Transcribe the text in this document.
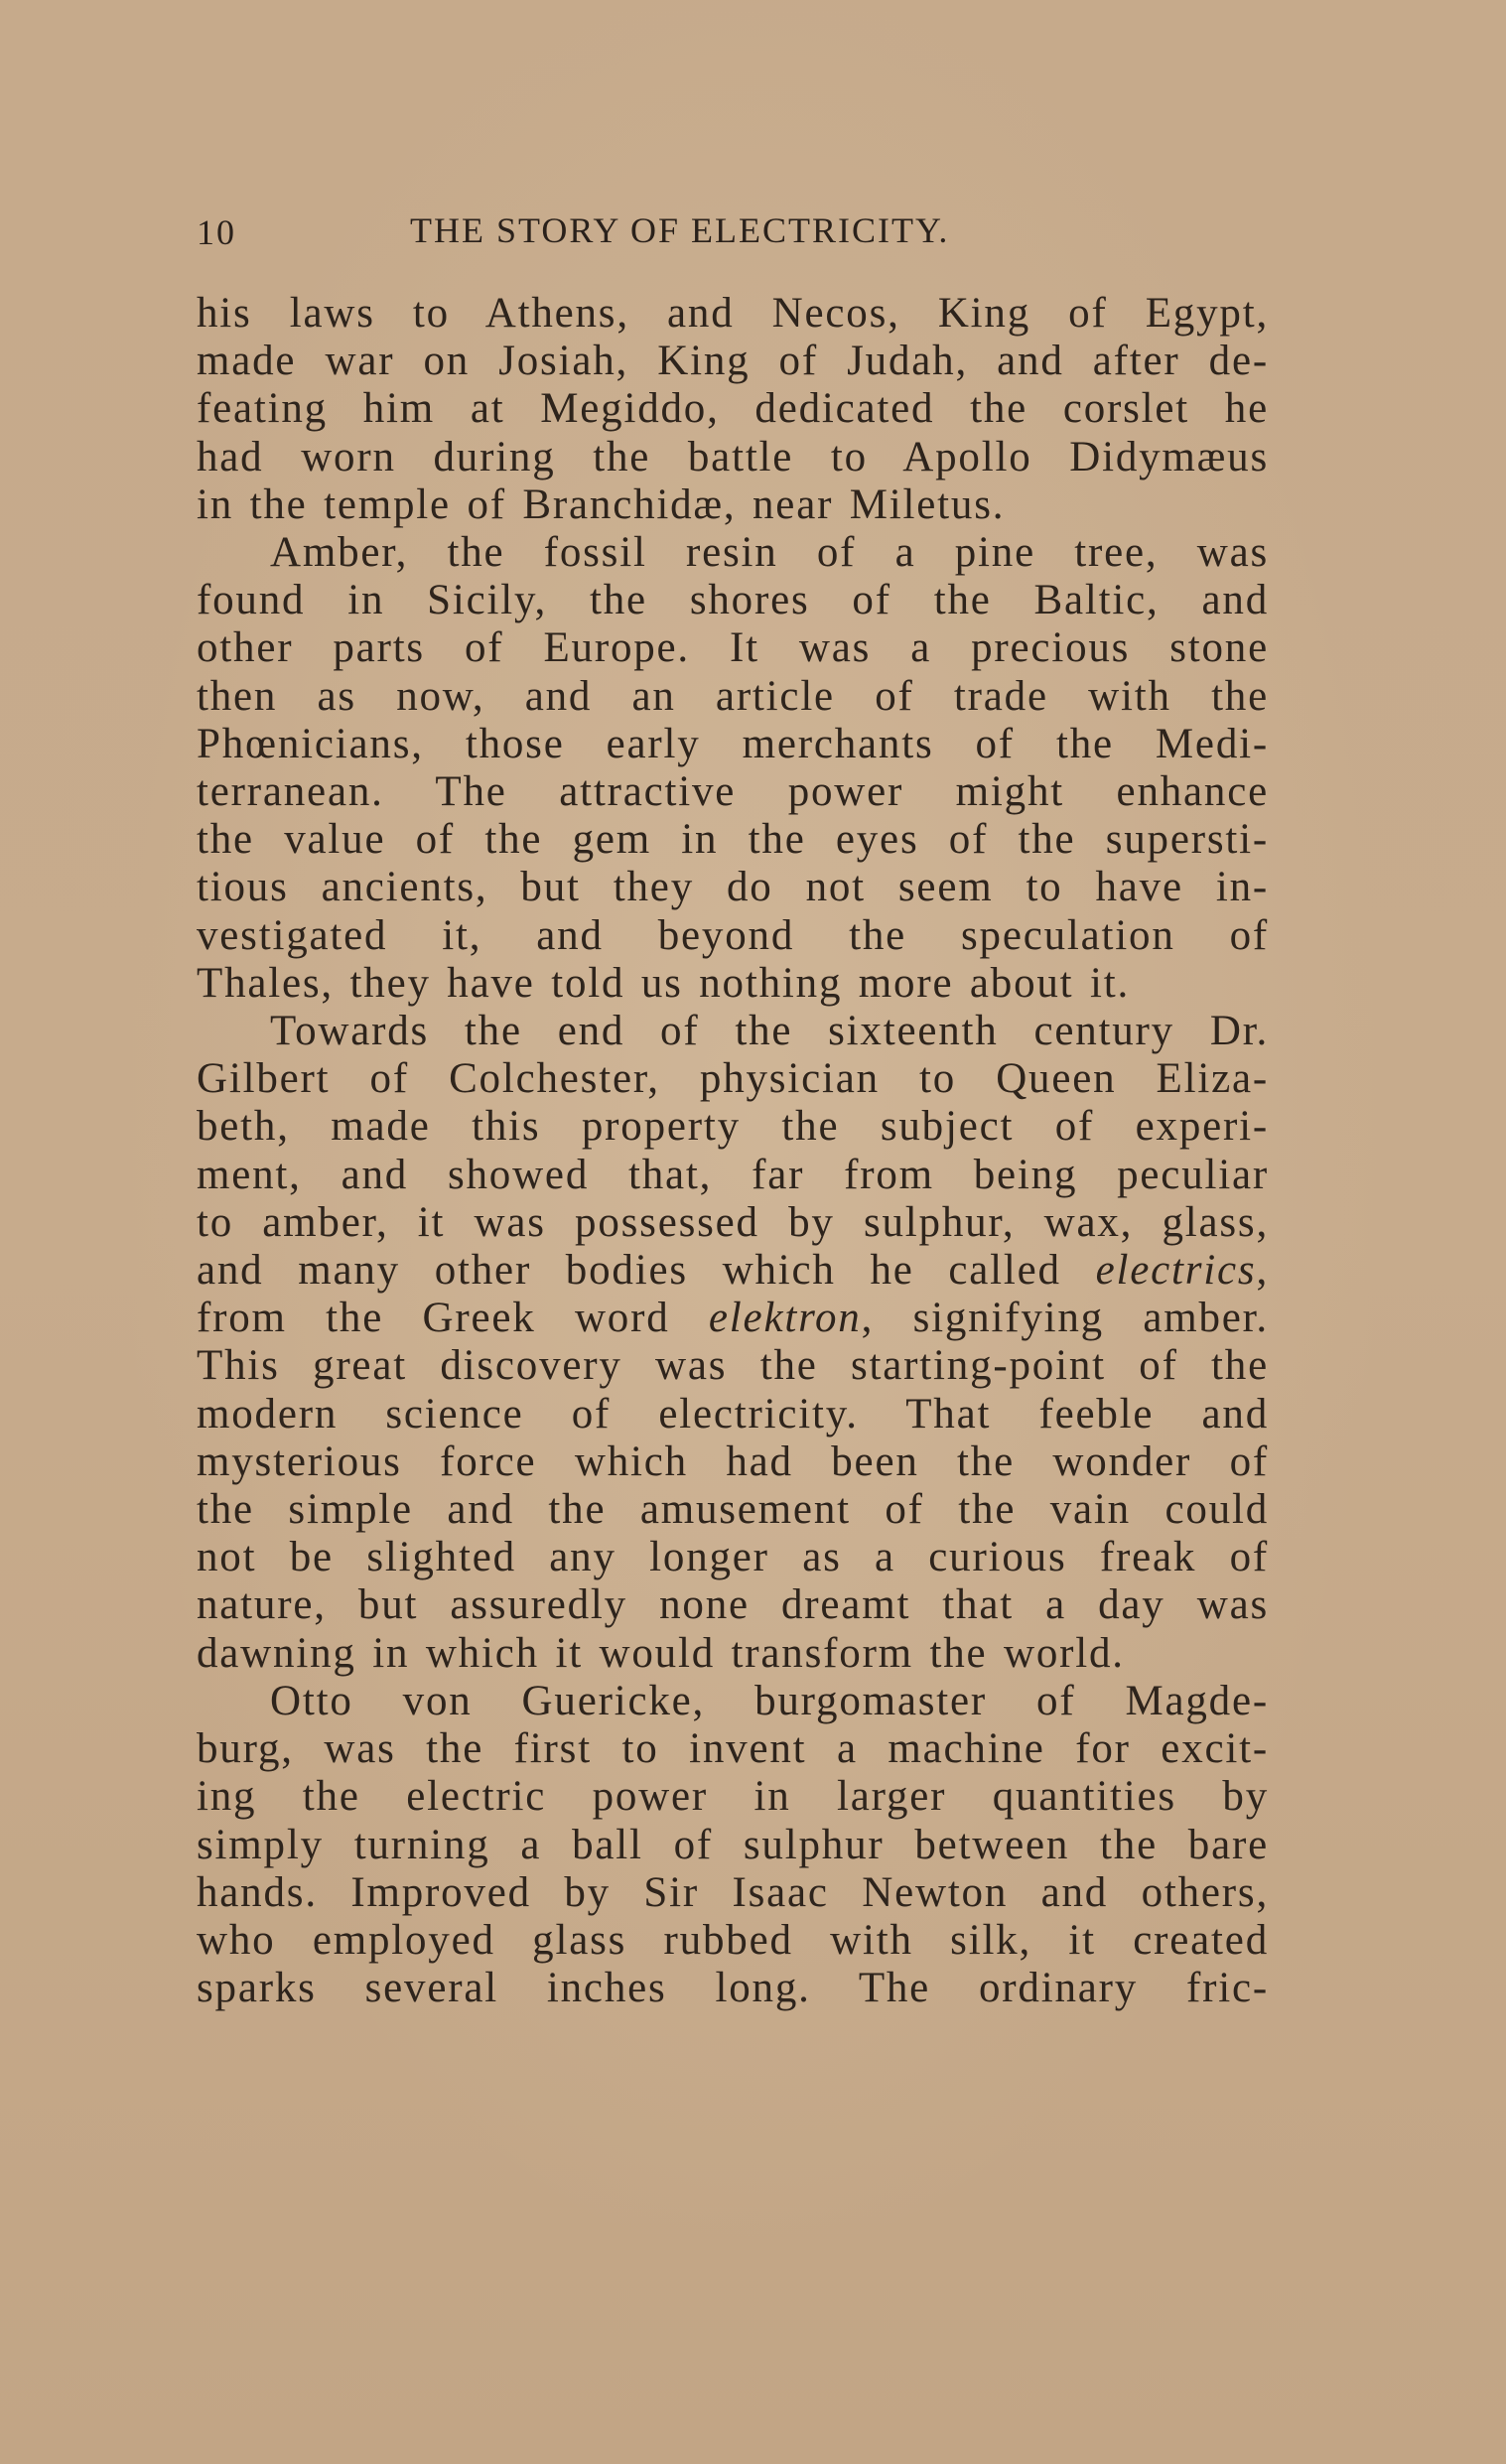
10	THE STORY OF ELECTRICITY.
his laws to Athens, and Necos, King of Egypt,
made war on Josiah, King of Judah, and after de-
feating him at Megiddo, dedicated the corslet he
had worn during the battle to Apollo Didymæus
in the temple of Branchidæ, near Miletus.
Amber, the fossil resin of a pine tree, was
found in Sicily, the shores of the Baltic, and
other parts of Europe. It was a precious stone
then as now, and an article of trade with the
Phœnicians, those early merchants of the Medi-
terranean. The attractive power might enhance
the value of the gem in the eyes of the supersti-
tious ancients, but they do not seem to have in-
vestigated it, and beyond the speculation of
Thales, they have told us nothing more about it.
Towards the end of the sixteenth century Dr.
Gilbert of Colchester, physician to Queen Eliza-
beth, made this property the subject of experi-
ment, and showed that, far from being peculiar
to amber, it was possessed by sulphur, wax, glass,
and many other bodies which he called electrics,
from the Greek word elektron, signifying amber.
This great discovery was the starting-point of the
modern science of electricity. That feeble and
mysterious force which had been the wonder of
the simple and the amusement of the vain could
not be slighted any longer as a curious freak of
nature, but assuredly none dreamt that a day was
dawning in which it would transform the world.
Otto von Guericke, burgomaster of Magde-
burg, was the first to invent a machine for excit-
ing the electric power in larger quantities by
simply turning a ball of sulphur between the bare
hands. Improved by Sir Isaac Newton and others,
who employed glass rubbed with silk, it created
sparks several inches long. The ordinary fric-
